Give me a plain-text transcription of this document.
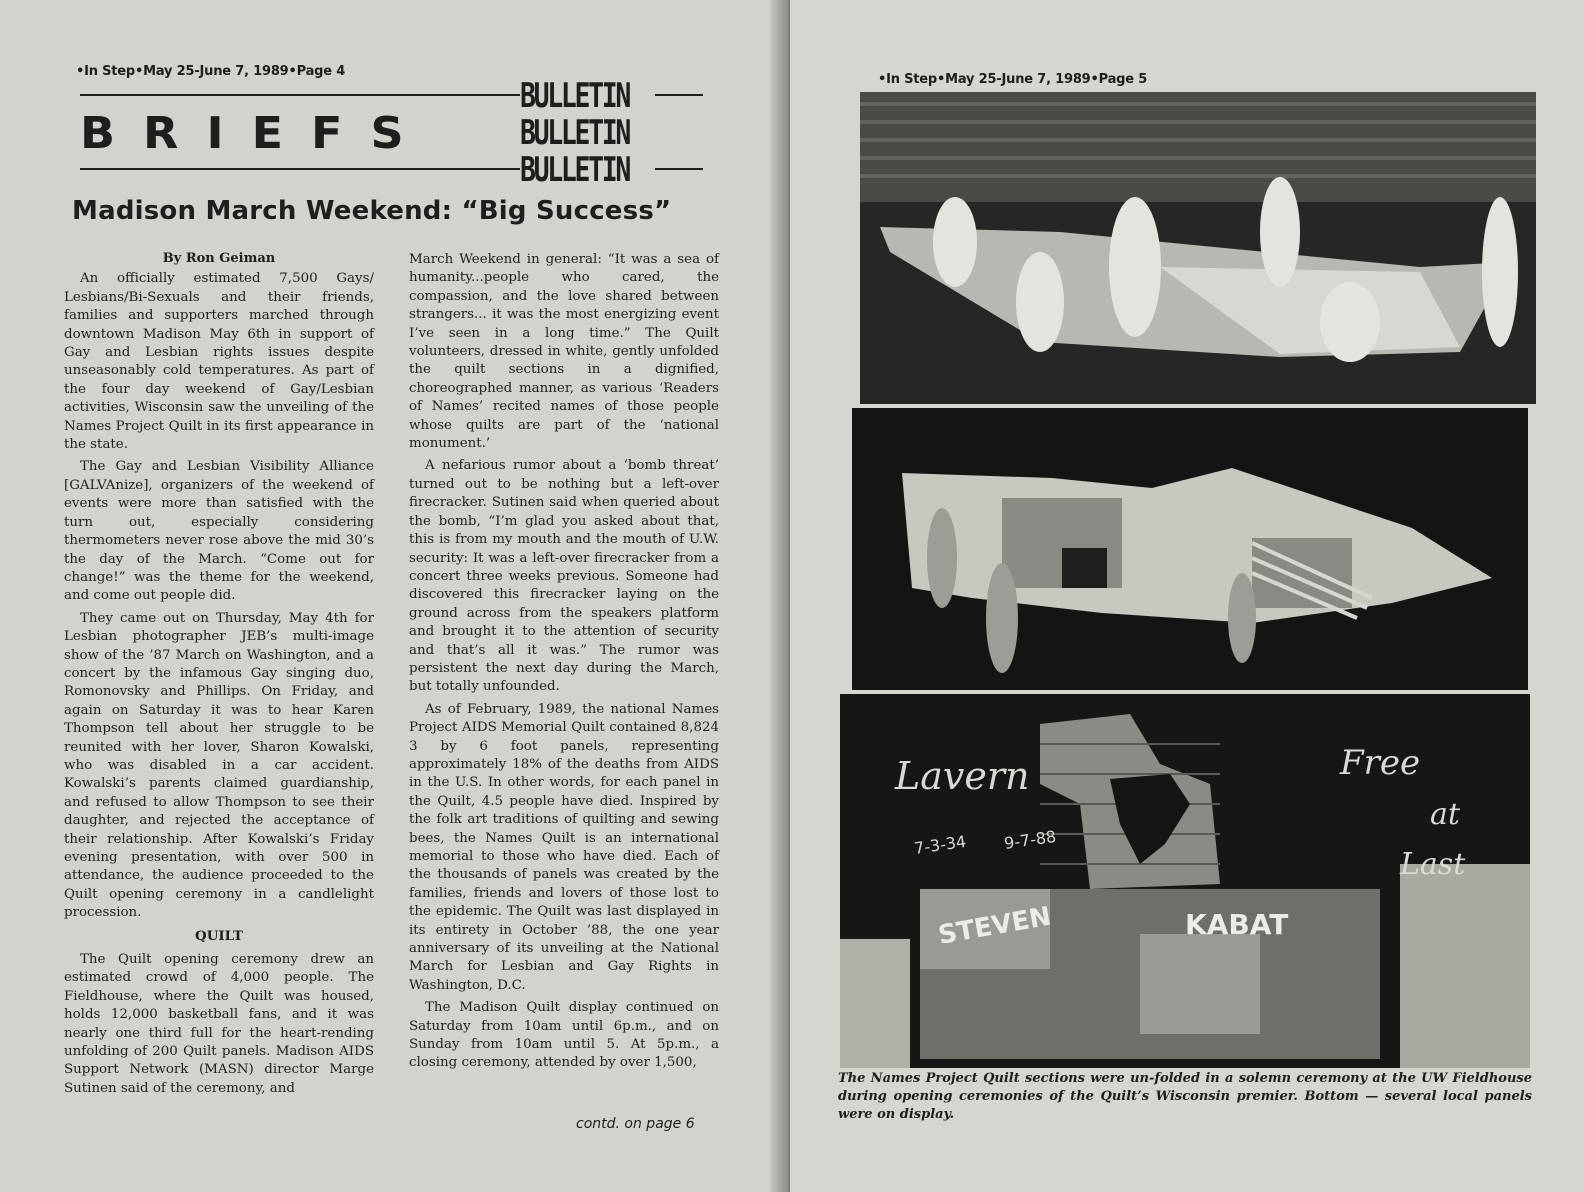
•In Step•May 25-June 7, 1989•Page 4
BRIEFS
BULLETIN
BULLETIN
BULLETIN
Madison March Weekend: “Big Success”
By Ron Geiman

An officially estimated 7,500 Gays/ Lesbians/Bi-Sexuals and their friends, families and supporters marched through downtown Madison May 6th in support of Gay and Lesbian rights issues despite unseasonably cold temperatures. As part of the four day weekend of Gay/Lesbian activities, Wisconsin saw the unveiling of the Names Project Quilt in its first appearance in the state.

The Gay and Lesbian Visibility Alliance [GALVAnize], organizers of the weekend of events were more than satisfied with the turn out, especially considering thermometers never rose above the mid 30’s the day of the March. “Come out for change!” was the theme for the weekend, and come out people did.

They came out on Thursday, May 4th for Lesbian photographer JEB’s multi-image show of the ’87 March on Washington, and a concert by the infamous Gay singing duo, Romonovsky and Phillips. On Friday, and again on Saturday it was to hear Karen Thompson tell about her struggle to be reunited with her lover, Sharon Kowalski, who was disabled in a car accident. Kowalski’s parents claimed guardianship, and refused to allow Thompson to see their daughter, and rejected the acceptance of their relationship. After Kowalski’s Friday evening presentation, with over 500 in attendance, the audience proceeded to the Quilt opening ceremony in a candlelight procession.

QUILT

The Quilt opening ceremony drew an estimated crowd of 4,000 people. The Fieldhouse, where the Quilt was housed, holds 12,000 basketball fans, and it was nearly one third full for the heart-rending unfolding of 200 Quilt panels. Madison AIDS Support Network (MASN) director Marge Sutinen said of the ceremony, and

March Weekend in general: “It was a sea of humanity...people who cared, the compassion, and the love shared between strangers... it was the most energizing event I’ve seen in a long time.” The Quilt volunteers, dressed in white, gently unfolded the quilt sections in a dignified, choreographed manner, as various ‘Readers of Names’ recited names of those people whose quilts are part of the ‘national monument.’

A nefarious rumor about a ‘bomb threat’ turned out to be nothing but a left-over firecracker. Sutinen said when queried about the bomb, “I’m glad you asked about that, this is from my mouth and the mouth of U.W. security: It was a left-over firecracker from a concert three weeks previous. Someone had discovered this firecracker laying on the ground across from the speakers platform and brought it to the attention of security and that’s all it was.” The rumor was persistent the next day during the March, but totally unfounded.

As of February, 1989, the national Names Project AIDS Memorial Quilt contained 8,824 3 by 6 foot panels, representing approximately 18% of the deaths from AIDS in the U.S. In other words, for each panel in the Quilt, 4.5 people have died. Inspired by the folk art traditions of quilting and sewing bees, the Names Quilt is an international memorial to those who have died. Each of the thousands of panels was created by the families, friends and lovers of those lost to the epidemic. The Quilt was last displayed in its entirety in October ’88, the one year anniversary of its unveiling at the National March for Lesbian and Gay Rights in Washington, D.C.

The Madison Quilt display continued on Saturday from 10am until 6p.m., and on Sunday from 10am until 5. At 5p.m., a closing ceremony, attended by over 1,500,

contd. on page 6
•In Step•May 25-June 7, 1989•Page 5
Lavern
7-3-34 9-7-88
Free
at
Last
STEVEN	KABAT
The Names Project Quilt sections were un-folded in a solemn ceremony at the UW Fieldhouse during opening ceremonies of the Quilt’s Wisconsin premier. Bottom — several local panels were on display.
